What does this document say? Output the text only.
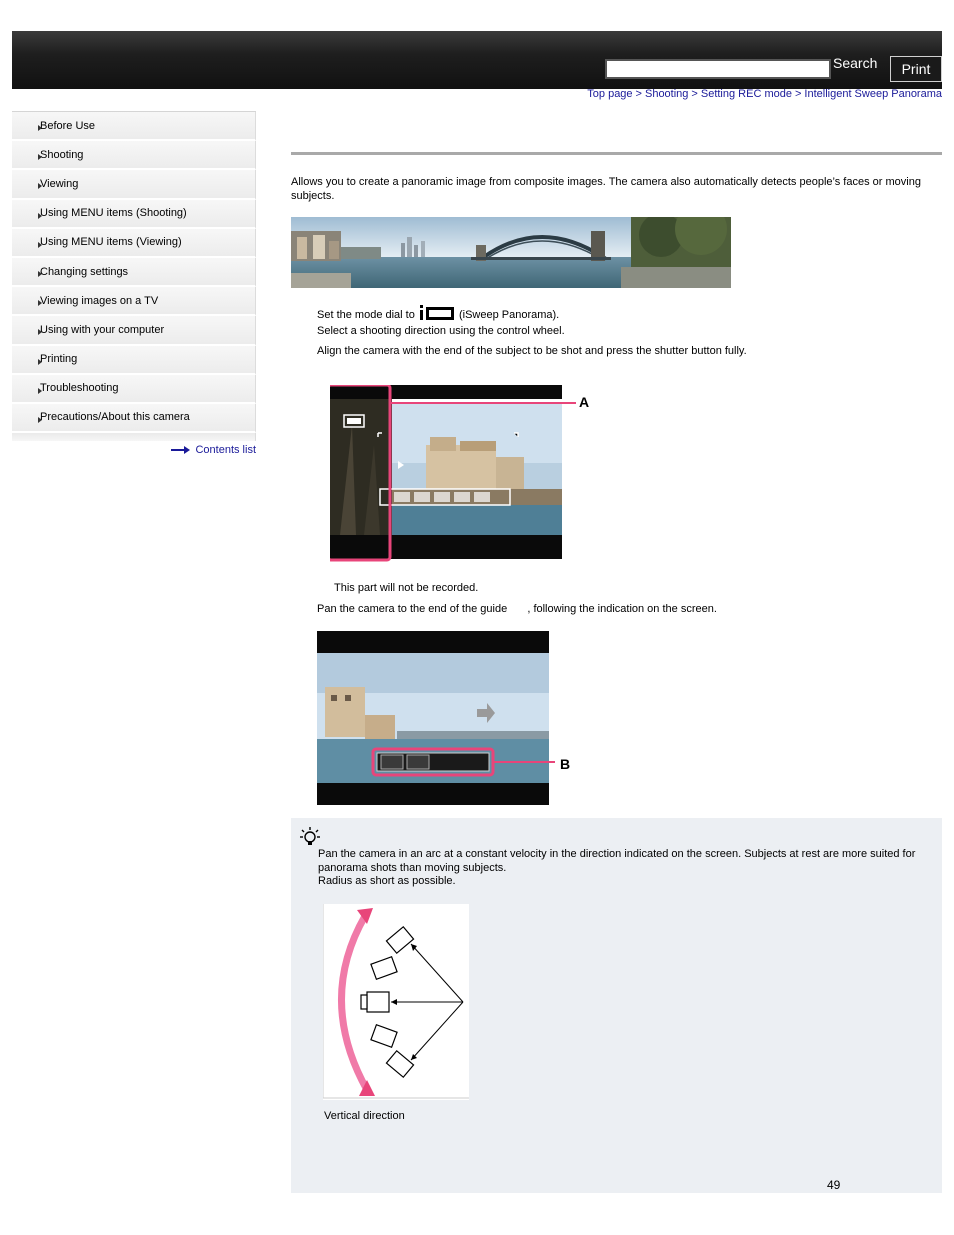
Search	Print
Top page > Shooting > Setting REC mode > Intelligent Sweep Panorama
Before Use
Shooting
Viewing
Using MENU items (Shooting)
Using MENU items (Viewing)
Changing settings
Viewing images on a TV
Using with your computer
Printing
Troubleshooting
Precautions/About this camera
Contents list

Allows you to create a panoramic image from composite images. The camera also automatically detects people’s faces or moving subjects.

Set the mode dial to	(iSweep Panorama).
Select a shooting direction using the control wheel.
Align the camera with the end of the subject to be shot and press the shutter button fully.
A
This part will not be recorded.
Pan the camera to the end of the guide , following the indication on the screen.
B

Pan the camera in an arc at a constant velocity in the direction indicated on the screen. Subjects at rest are more suited for panorama shots than moving subjects.

Radius as short as possible.
Vertical direction
49
